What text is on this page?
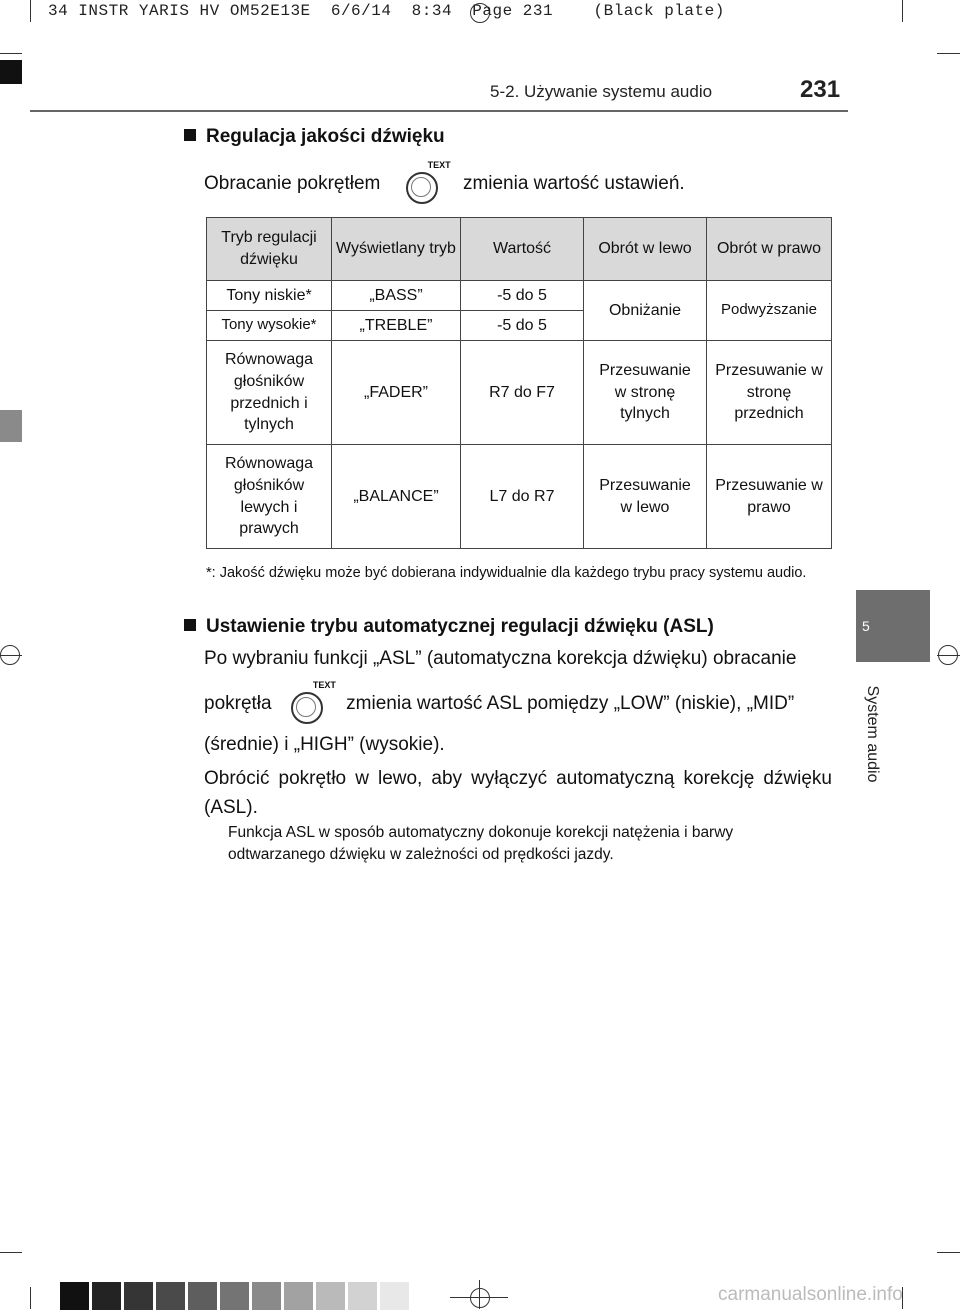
34 INSTR YARIS HV OM52E13E  6/6/14  8:34  Page 231    (Black plate)
5-2. Używanie systemu audio	231
5
System audio
Regulacja jakości dźwięku
Obracanie pokrętłem
TEXT
zmienia wartość ustawień.
Tryb regulacji dźwięku	Wyświetlany tryb	Wartość	Obrót w lewo	Obrót w prawo
Tony niskie*	„BASS”	-5 do 5	Obniżanie	Podwyższanie
Tony wysokie*	„TREBLE”	-5 do 5		
Równowaga głośników przednich i tylnych	„FADER”	R7 do F7	Przesuwanie w stronę tylnych	Przesuwanie w stronę przednich
Równowaga głośników lewych i prawych	„BALANCE”	L7 do R7	Przesuwanie w lewo	Przesuwanie w prawo
*: Jakość dźwięku może być dobierana indywidualnie dla każdego trybu pracy systemu audio.
Ustawienie trybu automatycznej regulacji dźwięku (ASL)
Po wybraniu funkcji „ASL” (automatyczna korekcja dźwięku) obracanie
pokrętła
TEXT
zmienia wartość ASL pomiędzy „LOW” (niskie), „MID”
(średnie) i „HIGH” (wysokie).
Obrócić pokrętło w lewo, aby wyłączyć automatyczną korekcję dźwięku (ASL).
Funkcja ASL w sposób automatyczny dokonuje korekcji natężenia i barwy odtwarzanego dźwięku w zależności od prędkości jazdy.
carmanualsonline.info
